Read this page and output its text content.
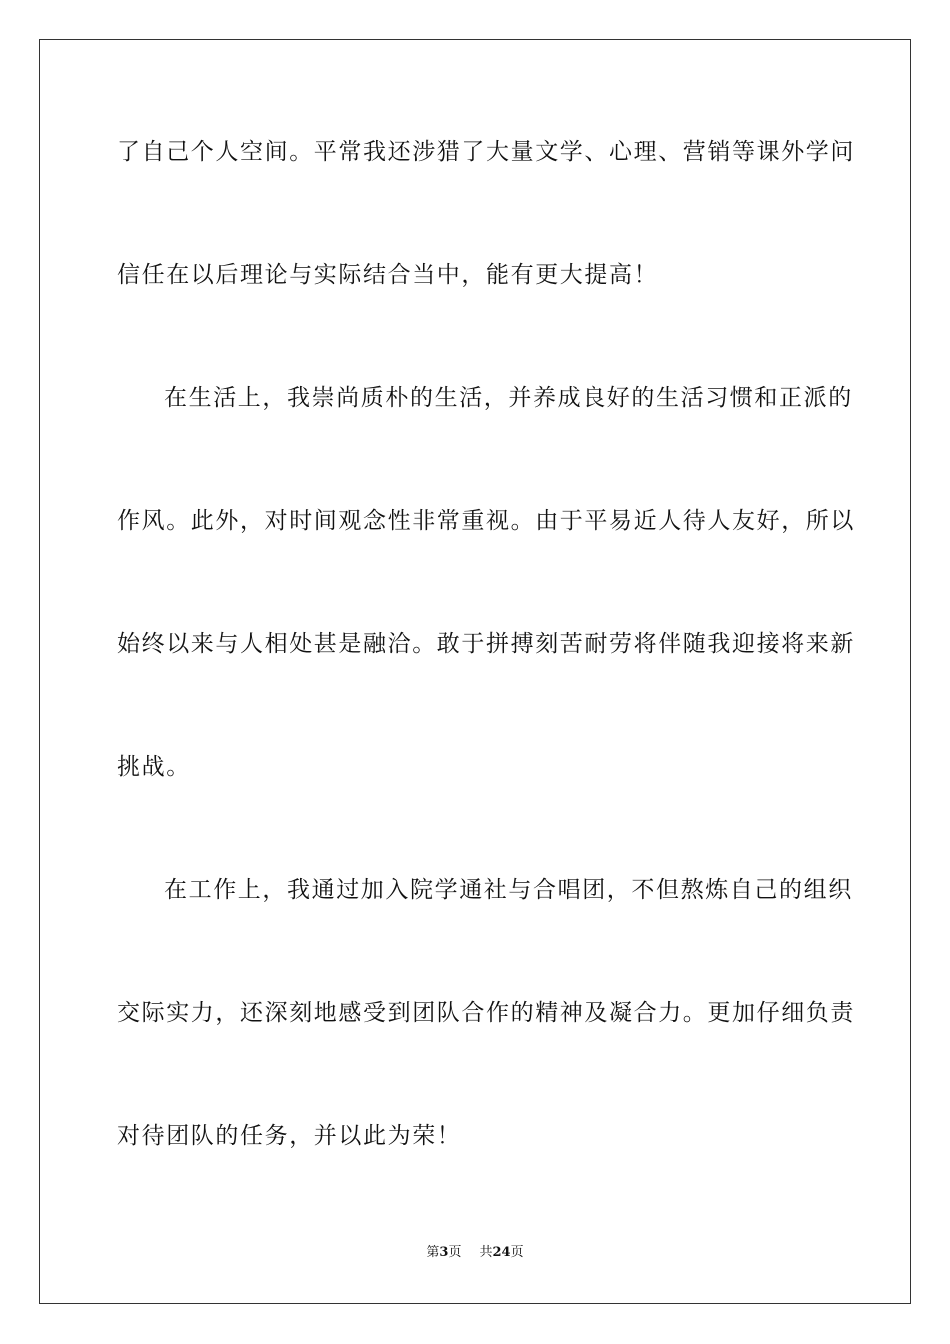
了自己个人空间。平常我还涉猎了大量文学、心理、营销等课外学问
信任在以后理论与实际结合当中，能有更大提高！
在生活上，我崇尚质朴的生活，并养成良好的生活习惯和正派的
作风。此外，对时间观念性非常重视。由于平易近人待人友好，所以
始终以来与人相处甚是融洽。敢于拼搏刻苦耐劳将伴随我迎接将来新
挑战。
在工作上，我通过加入院学通社与合唱团，不但熬炼自己的组织
交际实力，还深刻地感受到团队合作的精神及凝合力。更加仔细负责
对待团队的任务，并以此为荣！
第3页 共24页
